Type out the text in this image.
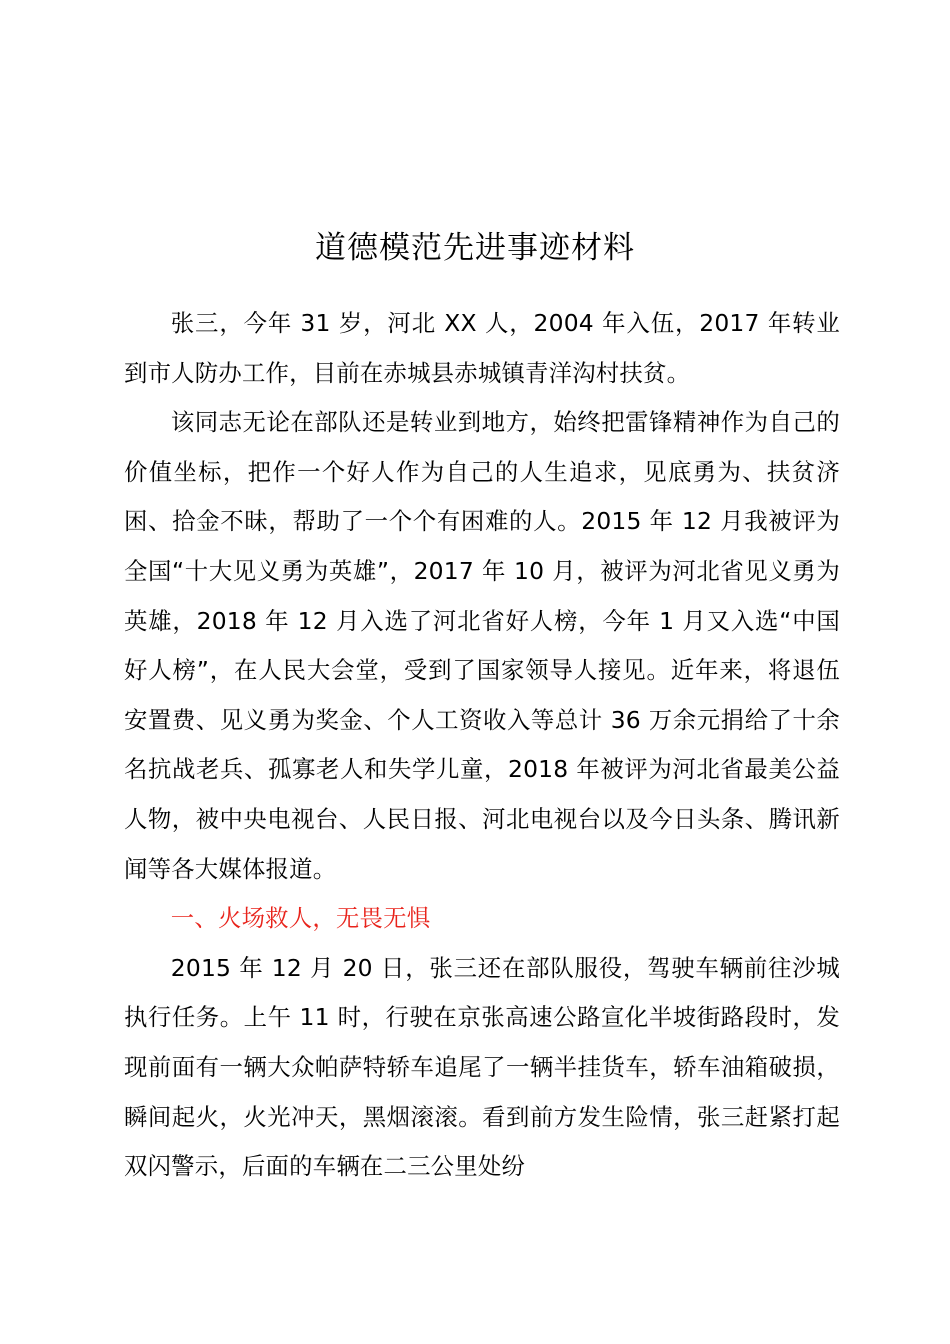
道德模范先进事迹材料

张三，今年 31 岁，河北 XX 人，2004 年入伍，2017 年转业到市人防办工作，目前在赤城县赤城镇青洋沟村扶贫。

该同志无论在部队还是转业到地方，始终把雷锋精神作为自己的价值坐标，把作一个好人作为自己的人生追求，见底勇为、扶贫济困、拾金不昧，帮助了一个个有困难的人。2015 年 12 月我被评为全国“十大见义勇为英雄”，2017 年 10 月，被评为河北省见义勇为英雄，2018 年 12 月入选了河北省好人榜，今年 1 月又入选“中国好人榜”，在人民大会堂，受到了国家领导人接见。近年来，将退伍安置费、见义勇为奖金、个人工资收入等总计 36 万余元捐给了十余名抗战老兵、孤寡老人和失学儿童，2018 年被评为河北省最美公益人物，被中央电视台、人民日报、河北电视台以及今日头条、腾讯新闻等各大媒体报道。

一、火场救人，无畏无惧

2015 年 12 月 20 日，张三还在部队服役，驾驶车辆前往沙城执行任务。上午 11 时，行驶在京张高速公路宣化半坡街路段时，发现前面有一辆大众帕萨特轿车追尾了一辆半挂货车，轿车油箱破损，瞬间起火，火光冲天，黑烟滚滚。看到前方发生险情，张三赶紧打起双闪警示，后面的车辆在二三公里处纷
